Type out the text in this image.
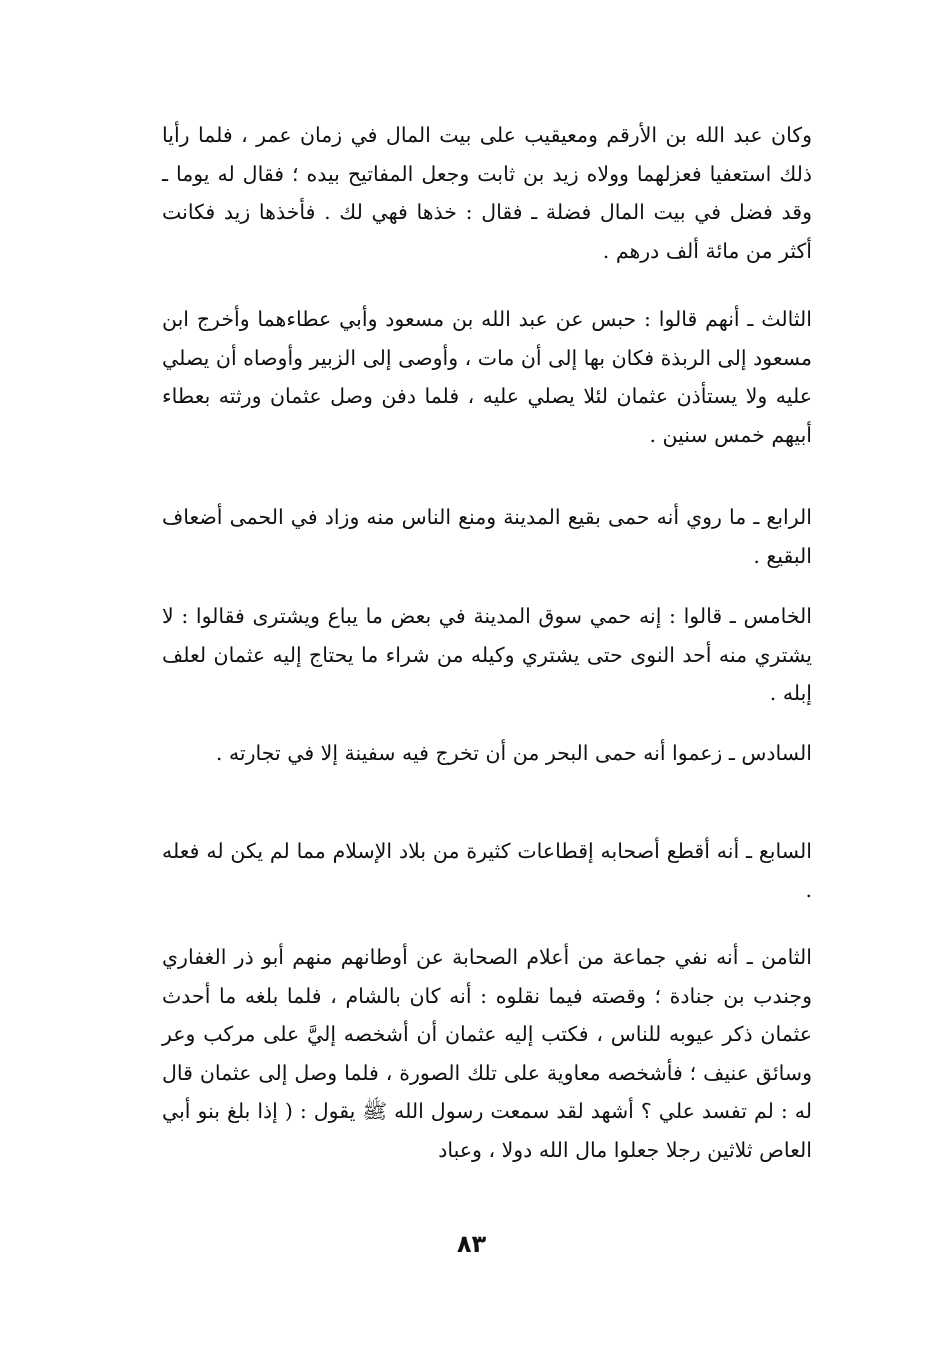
وكان عبد الله بن الأرقم ومعيقيب على بيت المال في زمان عمر ، فلما رأيا ذلك استعفيا فعزلهما وولاه زيد بن ثابت وجعل المفاتيح بيده ؛ فقال له يوما ـ وقد فضل في بيت المال فضلة ـ فقال : خذها فهي لك . فأخذها زيد فكانت أكثر من مائة ألف درهم .

الثالث ـ أنهم قالوا : حبس عن عبد الله بن مسعود وأبي عطاءهما وأخرج ابن مسعود إلى الربذة فكان بها إلى أن مات ، وأوصى إلى الزبير وأوصاه أن يصلي عليه ولا يستأذن عثمان لئلا يصلي عليه ، فلما دفن وصل عثمان ورثته بعطاء أبيهم خمس سنين .

الرابع ـ ما روي أنه حمى بقيع المدينة ومنع الناس منه وزاد في الحمى أضعاف البقيع .

الخامس ـ قالوا : إنه حمي سوق المدينة في بعض ما يباع ويشترى فقالوا : لا يشتري منه أحد النوى حتى يشتري وكيله من شراء ما يحتاج إليه عثمان لعلف إبله .

السادس ـ زعموا أنه حمى البحر من أن تخرج فيه سفينة إلا في تجارته .

السابع ـ أنه أقطع أصحابه إقطاعات كثيرة من بلاد الإسلام مما لم يكن له فعله .

الثامن ـ أنه نفي جماعة من أعلام الصحابة عن أوطانهم منهم أبو ذر الغفاري وجندب بن جنادة ؛ وقصته فيما نقلوه : أنه كان بالشام ، فلما بلغه ما أحدث عثمان ذكر عيوبه للناس ، فكتب إليه عثمان أن أشخصه إليَّ على مركب وعر وسائق عنيف ؛ فأشخصه معاوية على تلك الصورة ، فلما وصل إلى عثمان قال له : لم تفسد علي ؟ أشهد لقد سمعت رسول الله ﷺ يقول : ( إذا بلغ بنو أبي العاص ثلاثين رجلا جعلوا مال الله دولا ، وعباد

٨٣
